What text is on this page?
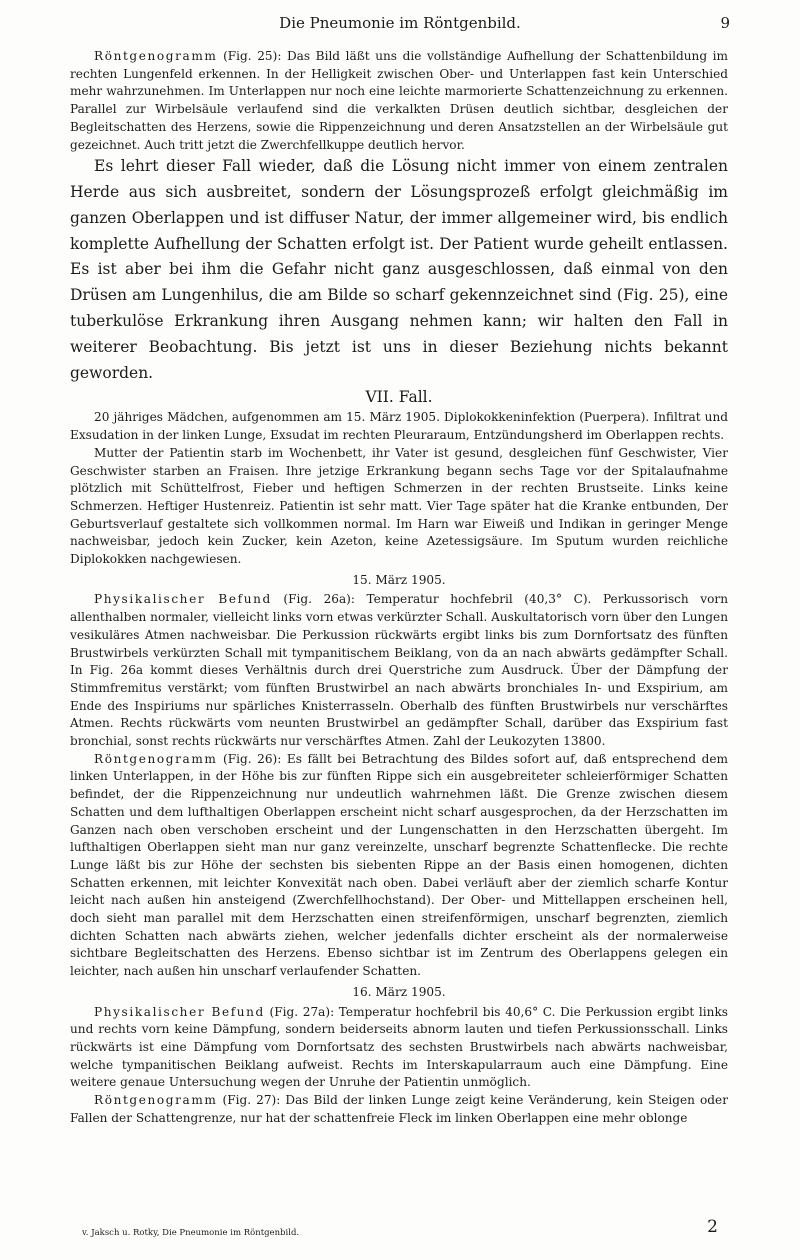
Die Pneumonie im Röntgenbild.	9

Röntgenogramm (Fig. 25): Das Bild läßt uns die vollständige Aufhellung der Schattenbildung im rechten Lungenfeld erkennen. In der Helligkeit zwischen Ober- und Unterlappen fast kein Unterschied mehr wahrzunehmen. Im Unterlappen nur noch eine leichte marmorierte Schattenzeichnung zu erkennen. Parallel zur Wirbelsäule verlaufend sind die verkalkten Drüsen deutlich sichtbar, desgleichen der Begleitschatten des Herzens, sowie die Rippenzeichnung und deren Ansatzstellen an der Wirbelsäule gut gezeichnet. Auch tritt jetzt die Zwerchfellkuppe deutlich hervor.

Es lehrt dieser Fall wieder, daß die Lösung nicht immer von einem zentralen Herde aus sich ausbreitet, sondern der Lösungsprozeß erfolgt gleichmäßig im ganzen Oberlappen und ist diffuser Natur, der immer allgemeiner wird, bis endlich komplette Aufhellung der Schatten erfolgt ist. Der Patient wurde geheilt entlassen. Es ist aber bei ihm die Gefahr nicht ganz ausgeschlossen, daß einmal von den Drüsen am Lungenhilus, die am Bilde so scharf gekennzeichnet sind (Fig. 25), eine tuberkulöse Erkrankung ihren Ausgang nehmen kann; wir halten den Fall in weiterer Beobachtung. Bis jetzt ist uns in dieser Beziehung nichts bekannt geworden.

VII. Fall.

20 jähriges Mädchen, aufgenommen am 15. März 1905. Diplokokkeninfektion (Puerpera). Infiltrat und Exsudation in der linken Lunge, Exsudat im rechten Pleuraraum, Entzündungsherd im Oberlappen rechts.

Mutter der Patientin starb im Wochenbett, ihr Vater ist gesund, desgleichen fünf Geschwister, Vier Geschwister starben an Fraisen. Ihre jetzige Erkrankung begann sechs Tage vor der Spitalaufnahme plötzlich mit Schüttelfrost, Fieber und heftigen Schmerzen in der rechten Brustseite. Links keine Schmerzen. Heftiger Hustenreiz. Patientin ist sehr matt. Vier Tage später hat die Kranke entbunden, Der Geburtsverlauf gestaltete sich vollkommen normal. Im Harn war Eiweiß und Indikan in geringer Menge nachweisbar, jedoch kein Zucker, kein Azeton, keine Azetessigsäure. Im Sputum wurden reichliche Diplokokken nachgewiesen.

15. März 1905.

Physikalischer Befund (Fig. 26a): Temperatur hochfebril (40,3° C). Perkussorisch vorn allenthalben normaler, vielleicht links vorn etwas verkürzter Schall. Auskultatorisch vorn über den Lungen vesikuläres Atmen nachweisbar. Die Perkussion rückwärts ergibt links bis zum Dornfortsatz des fünften Brustwirbels verkürzten Schall mit tympanitischem Beiklang, von da an nach abwärts gedämpfter Schall. In Fig. 26a kommt dieses Verhältnis durch drei Querstriche zum Ausdruck. Über der Dämpfung der Stimmfremitus verstärkt; vom fünften Brustwirbel an nach abwärts bronchiales In- und Exspirium, am Ende des Inspiriums nur spärliches Knisterrasseln. Oberhalb des fünften Brustwirbels nur verschärftes Atmen. Rechts rückwärts vom neunten Brustwirbel an gedämpfter Schall, darüber das Exspirium fast bronchial, sonst rechts rückwärts nur verschärftes Atmen. Zahl der Leukozyten 13800.

Röntgenogramm (Fig. 26): Es fällt bei Betrachtung des Bildes sofort auf, daß entsprechend dem linken Unterlappen, in der Höhe bis zur fünften Rippe sich ein ausgebreiteter schleierförmiger Schatten befindet, der die Rippenzeichnung nur undeutlich wahrnehmen läßt. Die Grenze zwischen diesem Schatten und dem lufthaltigen Oberlappen erscheint nicht scharf ausgesprochen, da der Herzschatten im Ganzen nach oben verschoben erscheint und der Lungenschatten in den Herzschatten übergeht. Im lufthaltigen Oberlappen sieht man nur ganz vereinzelte, unscharf begrenzte Schattenflecke. Die rechte Lunge läßt bis zur Höhe der sechsten bis siebenten Rippe an der Basis einen homogenen, dichten Schatten erkennen, mit leichter Konvexität nach oben. Dabei verläuft aber der ziemlich scharfe Kontur leicht nach außen hin ansteigend (Zwerchfellhochstand). Der Ober- und Mittellappen erscheinen hell, doch sieht man parallel mit dem Herzschatten einen streifenförmigen, unscharf begrenzten, ziemlich dichten Schatten nach abwärts ziehen, welcher jedenfalls dichter erscheint als der normalerweise sichtbare Begleitschatten des Herzens. Ebenso sichtbar ist im Zentrum des Oberlappens gelegen ein leichter, nach außen hin unscharf verlaufender Schatten.

16. März 1905.

Physikalischer Befund (Fig. 27a): Temperatur hochfebril bis 40,6° C. Die Perkussion ergibt links und rechts vorn keine Dämpfung, sondern beiderseits abnorm lauten und tiefen Perkussionsschall. Links rückwärts ist eine Dämpfung vom Dornfortsatz des sechsten Brustwirbels nach abwärts nachweisbar, welche tympanitischen Beiklang aufweist. Rechts im Interskapularraum auch eine Dämpfung. Eine weitere genaue Untersuchung wegen der Unruhe der Patientin unmöglich.

Röntgenogramm (Fig. 27): Das Bild der linken Lunge zeigt keine Veränderung, kein Steigen oder Fallen der Schattengrenze, nur hat der schattenfreie Fleck im linken Oberlappen eine mehr oblonge

v. Jaksch u. Rotky, Die Pneumonie im Röntgenbild.	2
